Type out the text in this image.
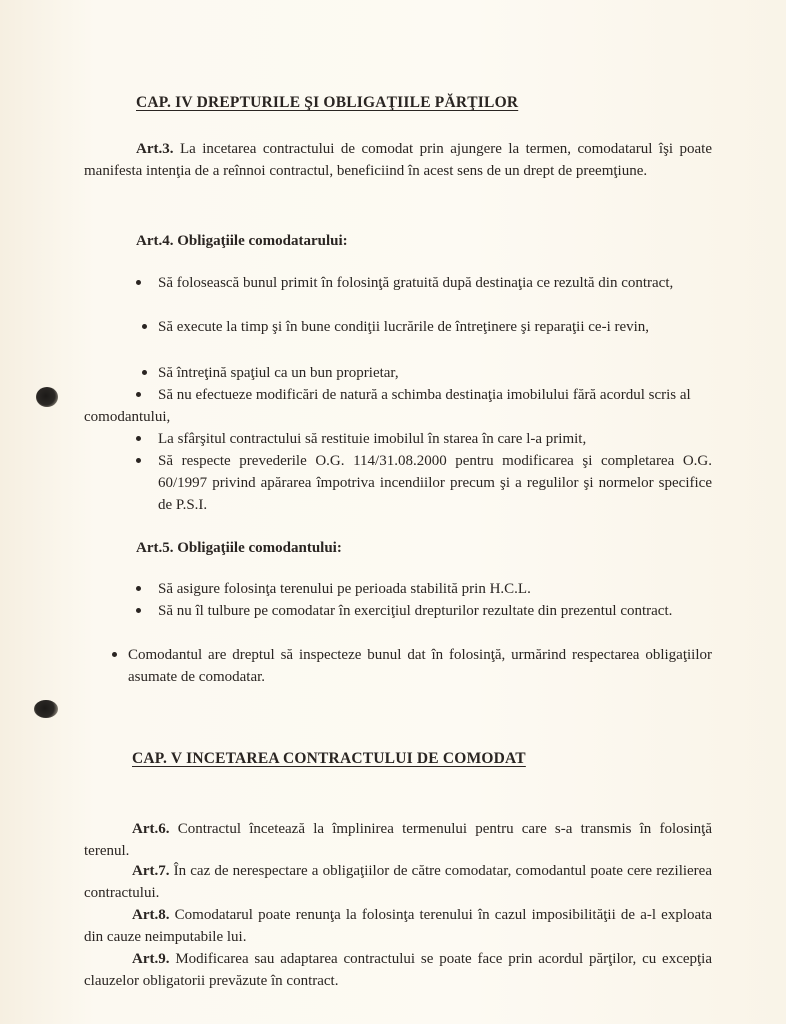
CAP. IV DREPTURILE ŞI OBLIGAŢIILE PĂRŢILOR
Art.3. La incetarea contractului de comodat prin ajungere la termen, comodatarul îşi poate manifesta intenţia de a reînnoi contractul, beneficiind în acest sens de un drept de preemţiune.
Art.4. Obligaţiile comodatarului:
Să folosească bunul primit în folosinţă gratuită după destinaţia ce rezultă din contract,
Să execute la timp şi în bune condiţii lucrările de întreţinere şi reparaţii ce-i revin,
Să întreţină spaţiul ca un bun proprietar,
Să nu efectueze modificări de natură a schimba destinaţia imobilului fără acordul scris al comodantului,
La sfârşitul contractului să restituie imobilul în starea în care l-a primit,
Să respecte prevederile O.G. 114/31.08.2000 pentru modificarea şi completarea O.G. 60/1997 privind apărarea împotriva incendiilor precum şi a regulilor şi normelor specifice de P.S.I.
Art.5. Obligaţiile comodantului:
Să asigure folosinţa terenului pe perioada stabilită prin H.C.L.
Să nu îl tulbure pe comodatar în exerciţiul drepturilor rezultate din prezentul contract.
Comodantul are dreptul să inspecteze bunul dat în folosinţă, urmărind respectarea obligaţiilor asumate de comodatar.
CAP. V INCETAREA CONTRACTULUI DE COMODAT
Art.6. Contractul încetează la împlinirea termenului pentru care s-a transmis în folosinţă terenul.
Art.7. În caz de nerespectare a obligaţiilor de către comodatar, comodantul poate cere rezilierea contractului.
Art.8. Comodatarul poate renunţa la folosinţa terenului în cazul imposibilităţii de a-l exploata din cauze neimputabile lui.
Art.9. Modificarea sau adaptarea contractului se poate face prin acordul părţilor, cu excepţia clauzelor obligatorii prevăzute în contract.
